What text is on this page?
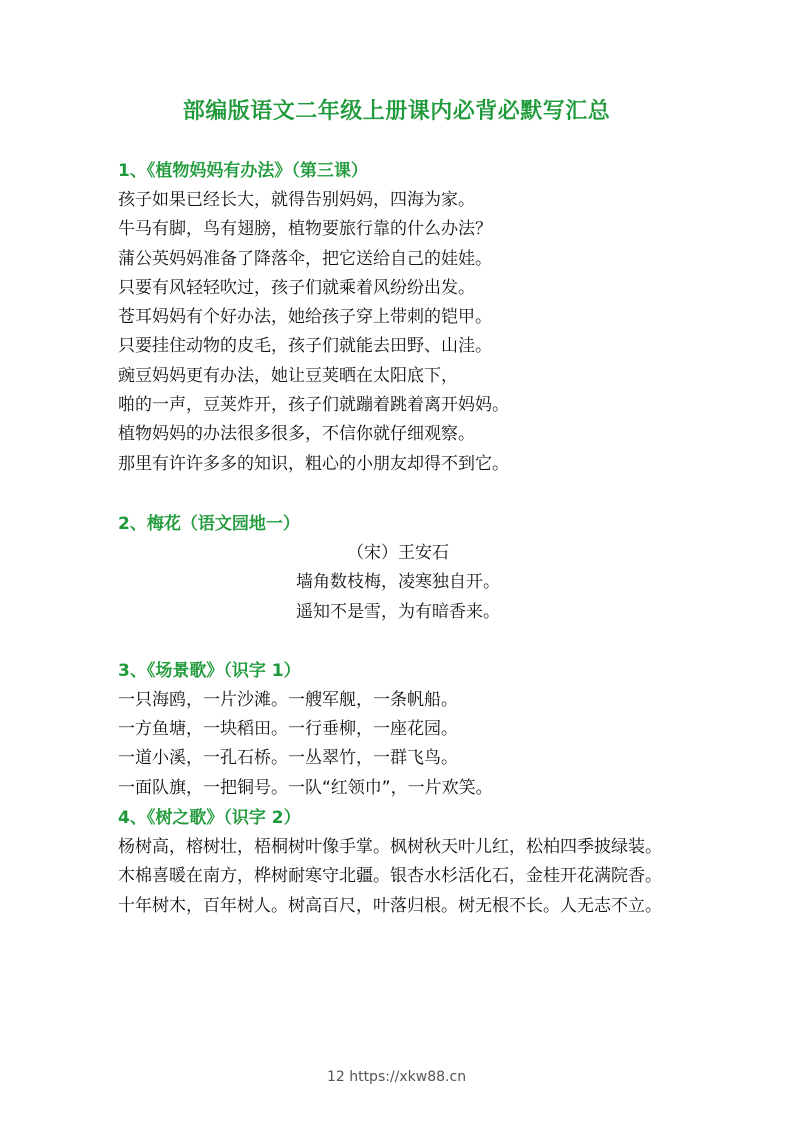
部编版语文二年级上册课内必背必默写汇总
1、《植物妈妈有办法》（第三课）
孩子如果已经长大，就得告别妈妈，四海为家。
牛马有脚，鸟有翅膀，植物要旅行靠的什么办法？
蒲公英妈妈准备了降落伞，把它送给自己的娃娃。
只要有风轻轻吹过，孩子们就乘着风纷纷出发。
苍耳妈妈有个好办法，她给孩子穿上带刺的铠甲。
只要挂住动物的皮毛，孩子们就能去田野、山洼。
豌豆妈妈更有办法，她让豆荚晒在太阳底下，
啪的一声，豆荚炸开，孩子们就蹦着跳着离开妈妈。
植物妈妈的办法很多很多，不信你就仔细观察。
那里有许许多多的知识，粗心的小朋友却得不到它。
2、梅花（语文园地一）
（宋）王安石
墙角数枝梅，凌寒独自开。
遥知不是雪，为有暗香来。
3、《场景歌》（识字 1）
一只海鸥，一片沙滩。一艘军舰，一条帆船。
一方鱼塘，一块稻田。一行垂柳，一座花园。
一道小溪，一孔石桥。一丛翠竹，一群飞鸟。
一面队旗，一把铜号。一队“红领巾”，一片欢笑。
4、《树之歌》（识字 2）
杨树高，榕树壮，梧桐树叶像手掌。枫树秋天叶儿红，松柏四季披绿装。
木棉喜暖在南方，桦树耐寒守北疆。银杏水杉活化石，金桂开花满院香。
十年树木，百年树人。树高百尺，叶落归根。树无根不长。人无志不立。
12 https://xkw88.cn
